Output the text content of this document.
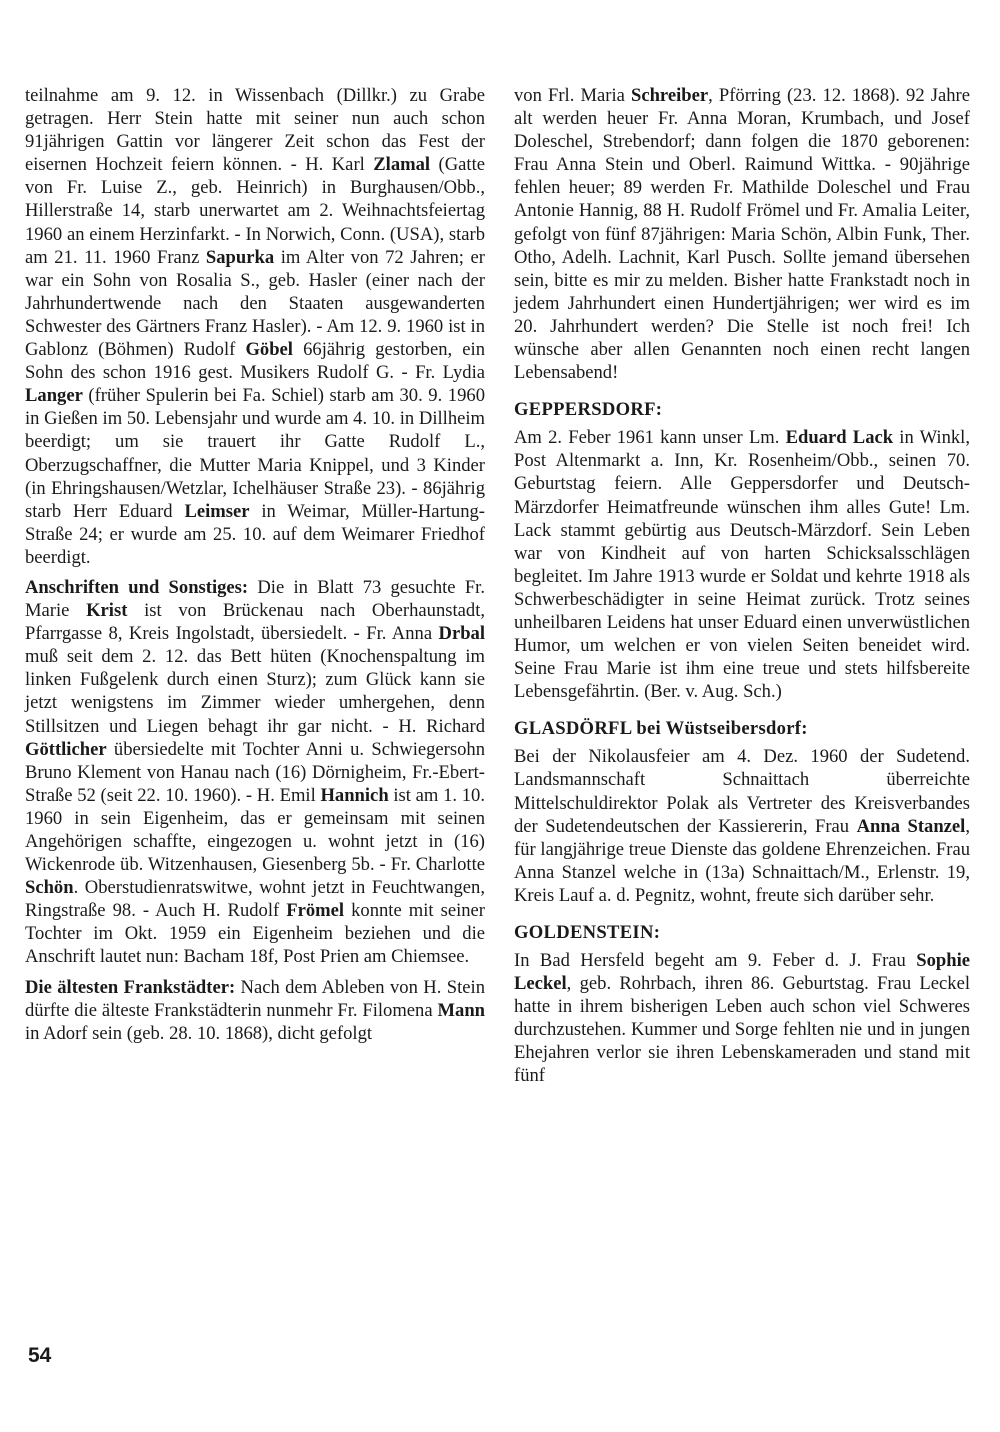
teilnahme am 9. 12. in Wissenbach (Dillkr.) zu Grabe getragen. Herr Stein hatte mit seiner nun auch schon 91jährigen Gattin vor längerer Zeit schon das Fest der eisernen Hochzeit feiern können. - H. Karl Zlamal (Gatte von Fr. Luise Z., geb. Heinrich) in Burghausen/Obb., Hillerstraße 14, starb unerwartet am 2. Weihnachtsfeiertag 1960 an einem Herzinfarkt. - In Norwich, Conn. (USA), starb am 21. 11. 1960 Franz Sapurka im Alter von 72 Jahren; er war ein Sohn von Rosalia S., geb. Hasler (einer nach der Jahrhundertwende nach den Staaten ausgewanderten Schwester des Gärtners Franz Hasler). - Am 12. 9. 1960 ist in Gablonz (Böhmen) Rudolf Göbel 66jährig gestorben, ein Sohn des schon 1916 gest. Musikers Rudolf G. - Fr. Lydia Langer (früher Spulerin bei Fa. Schiel) starb am 30. 9. 1960 in Gießen im 50. Lebensjahr und wurde am 4. 10. in Dillheim beerdigt; um sie trauert ihr Gatte Rudolf L., Oberzugschaffner, die Mutter Maria Knippel, und 3 Kinder (in Ehringshausen/Wetzlar, Ichelhäuser Straße 23). - 86jährig starb Herr Eduard Leimser in Weimar, Müller-Hartung-Straße 24; er wurde am 25. 10. auf dem Weimarer Friedhof beerdigt.

Anschriften und Sonstiges: Die in Blatt 73 gesuchte Fr. Marie Krist ist von Brückenau nach Oberhaunstadt, Pfarrgasse 8, Kreis Ingolstadt, übersiedelt. - Fr. Anna Drbal muß seit dem 2. 12. das Bett hüten (Knochenspaltung im linken Fußgelenk durch einen Sturz); zum Glück kann sie jetzt wenigstens im Zimmer wieder umhergehen, denn Stillsitzen und Liegen behagt ihr gar nicht. - H. Richard Göttlicher übersiedelte mit Tochter Anni u. Schwiegersohn Bruno Klement von Hanau nach (16) Dörnigheim, Fr.-Ebert-Straße 52 (seit 22. 10. 1960). - H. Emil Hannich ist am 1. 10. 1960 in sein Eigenheim, das er gemeinsam mit seinen Angehörigen schaffte, eingezogen u. wohnt jetzt in (16) Wickenrode üb. Witzenhausen, Giesenberg 5b. - Fr. Charlotte Schön. Oberstudienratswitwe, wohnt jetzt in Feuchtwangen, Ringstraße 98. - Auch H. Rudolf Frömel konnte mit seiner Tochter im Okt. 1959 ein Eigenheim beziehen und die Anschrift lautet nun: Bacham 18f, Post Prien am Chiemsee.

Die ältesten Frankstädter: Nach dem Ableben von H. Stein dürfte die älteste Frankstädterin nunmehr Fr. Filomena Mann in Adorf sein (geb. 28. 10. 1868), dicht gefolgt

von Frl. Maria Schreiber, Pförring (23. 12. 1868). 92 Jahre alt werden heuer Fr. Anna Moran, Krumbach, und Josef Doleschel, Strebendorf; dann folgen die 1870 geborenen: Frau Anna Stein und Oberl. Raimund Wittka. - 90jährige fehlen heuer; 89 werden Fr. Mathilde Doleschel und Frau Antonie Hannig, 88 H. Rudolf Frömel und Fr. Amalia Leiter, gefolgt von fünf 87jährigen: Maria Schön, Albin Funk, Ther. Otho, Adelh. Lachnit, Karl Pusch. Sollte jemand übersehen sein, bitte es mir zu melden. Bisher hatte Frankstadt noch in jedem Jahrhundert einen Hundertjährigen; wer wird es im 20. Jahrhundert werden? Die Stelle ist noch frei! Ich wünsche aber allen Genannten noch einen recht langen Lebensabend!

GEPPERSDORF:

Am 2. Feber 1961 kann unser Lm. Eduard Lack in Winkl, Post Altenmarkt a. Inn, Kr. Rosenheim/Obb., seinen 70. Geburtstag feiern. Alle Geppersdorfer und Deutsch-Märzdorfer Heimatfreunde wünschen ihm alles Gute! Lm. Lack stammt gebürtig aus Deutsch-Märzdorf. Sein Leben war von Kindheit auf von harten Schicksalsschlägen begleitet. Im Jahre 1913 wurde er Soldat und kehrte 1918 als Schwerbeschädigter in seine Heimat zurück. Trotz seines unheilbaren Leidens hat unser Eduard einen unverwüstlichen Humor, um welchen er von vielen Seiten beneidet wird. Seine Frau Marie ist ihm eine treue und stets hilfsbereite Lebensgefährtin. (Ber. v. Aug. Sch.)

GLASDÖRFL bei Wüstseibersdorf:

Bei der Nikolausfeier am 4. Dez. 1960 der Sudetend. Landsmannschaft Schnaittach überreichte Mittelschuldirektor Polak als Vertreter des Kreisverbandes der Sudetendeutschen der Kassiererin, Frau Anna Stanzel, für langjährige treue Dienste das goldene Ehrenzeichen. Frau Anna Stanzel welche in (13a) Schnaittach/M., Erlenstr. 19, Kreis Lauf a. d. Pegnitz, wohnt, freute sich darüber sehr.

GOLDENSTEIN:

In Bad Hersfeld begeht am 9. Feber d. J. Frau Sophie Leckel, geb. Rohrbach, ihren 86. Geburtstag. Frau Leckel hatte in ihrem bisherigen Leben auch schon viel Schweres durchzustehen. Kummer und Sorge fehlten nie und in jungen Ehejahren verlor sie ihren Lebenskameraden und stand mit fünf

54
